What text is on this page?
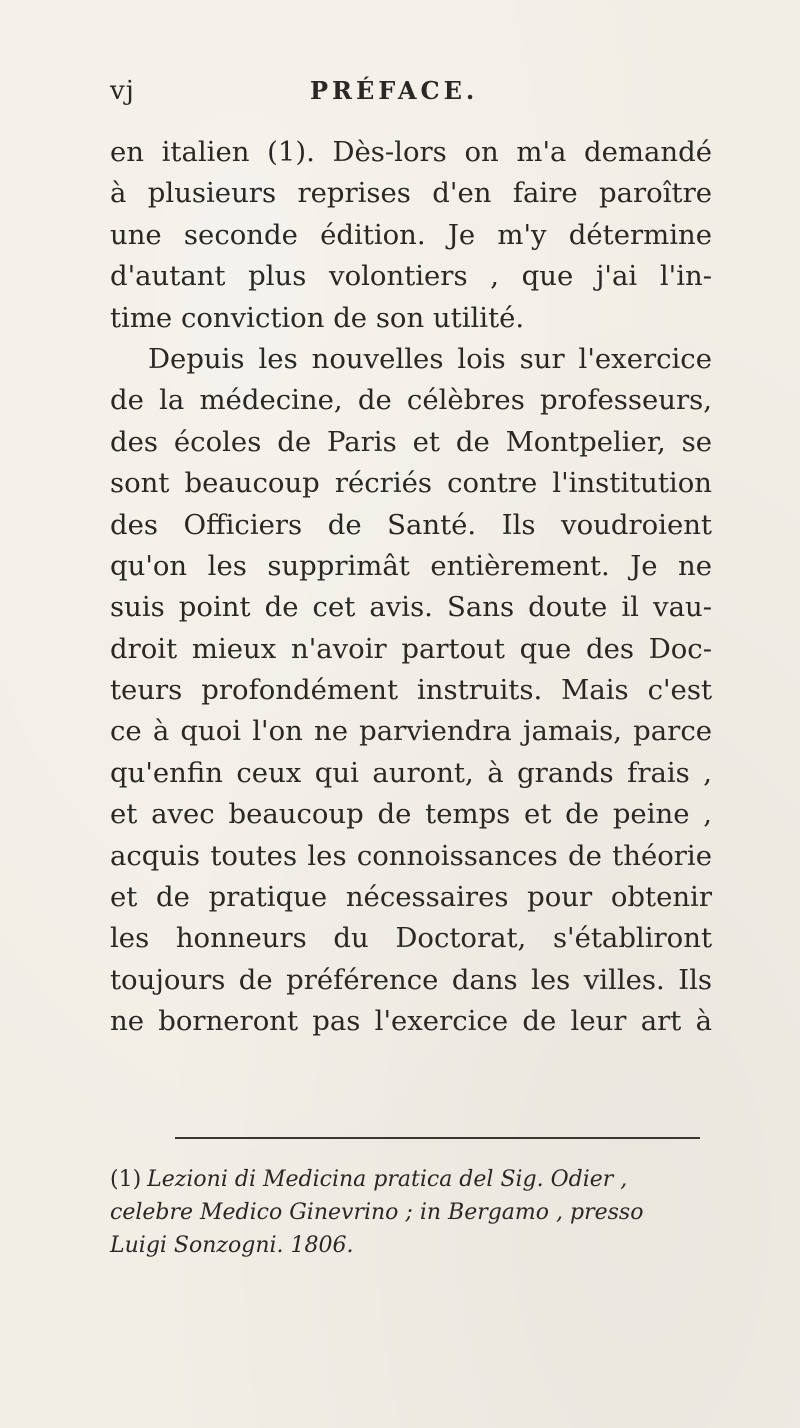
vj	PRÉFACE.
en italien (1). Dès-lors on m'a demandé
à plusieurs reprises d'en faire paroître
une seconde édition. Je m'y détermine
d'autant plus volontiers , que j'ai l'in-
time conviction de son utilité.
Depuis les nouvelles lois sur l'exercice
de la médecine, de célèbres professeurs,
des écoles de Paris et de Montpelier, se
sont beaucoup récriés contre l'institution
des Officiers de Santé. Ils voudroient
qu'on les supprimât entièrement. Je ne
suis point de cet avis. Sans doute il vau-
droit mieux n'avoir partout que des Doc-
teurs profondément instruits. Mais c'est
ce à quoi l'on ne parviendra jamais, parce
qu'enfin ceux qui auront, à grands frais ,
et avec beaucoup de temps et de peine ,
acquis toutes les connoissances de théorie
et de pratique nécessaires pour obtenir
les honneurs du Doctorat, s'établiront
toujours de préférence dans les villes. Ils
ne borneront pas l'exercice de leur art à
(1) Lezioni di Medicina pratica del Sig. Odier ,
celebre Medico Ginevrino ; in Bergamo , presso
Luigi Sonzogni. 1806.
